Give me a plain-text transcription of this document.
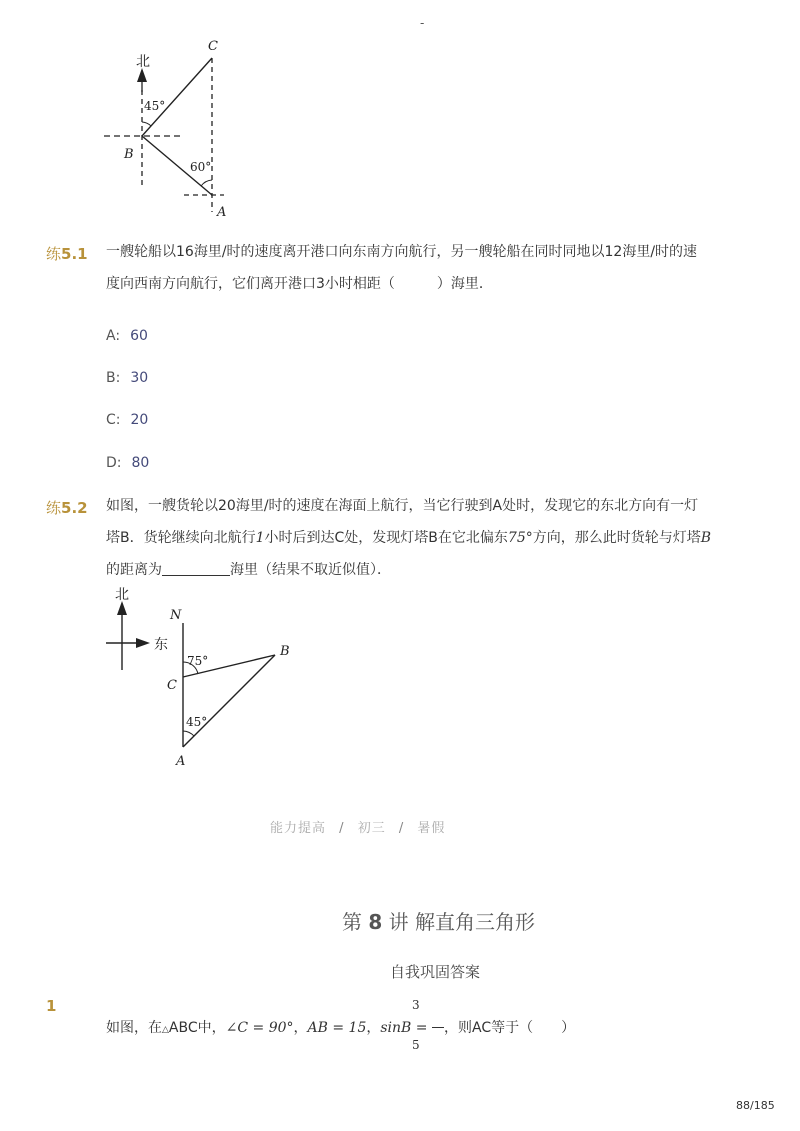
-
北
C
B
A
45°
60°
练5.1 一艘轮船以16海里/时的速度离开港口向东南方向航行，另一艘轮船在同时同地以12海里/时的速
度向西南方向航行，它们离开港口3小时相距（　　　）海里．
A: 60
B: 30
C: 20
D: 80
练5.2 如图，一艘货轮以20海里/时的速度在海面上航行，当它行驶到A处时，发现它的东北方向有一灯
塔B．货轮继续向北航行1小时后到达C处，发现灯塔B在它北偏东75°方向，那么此时货轮与灯塔B
的距离为	海里（结果不取近似值）．
北
东
N
B
C
A
75°
45°
能力提高 / 初三 / 暑假
第 8 讲 解直角三角形
自我巩固答案
1
如图，在△ABC中，∠C = 90°，AB = 15，sinB = ，则AC等于（　　）
3
5
88/185
